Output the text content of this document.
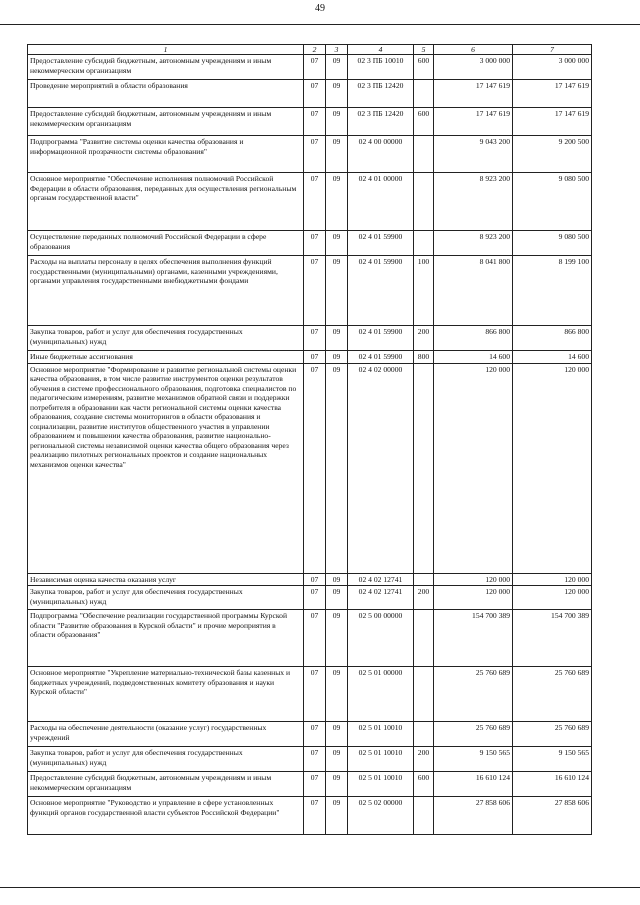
49
1	2	3	4	5	6	7
Предоставление субсидий бюджетным, автономным учреждениям и иным некоммерческим организациям	07	09	02 3 ПБ 10010	600	3 000 000	3 000 000
Проведение мероприятий в области образования	07	09	02 3 ПБ 12420		17 147 619	17 147 619
Предоставление субсидий бюджетным, автономным учреждениям и иным некоммерческим организациям	07	09	02 3 ПБ 12420	600	17 147 619	17 147 619
Подпрограмма "Развитие системы оценки качества образования и информационной прозрачности системы образования"	07	09	02 4 00 00000		9 043 200	9 200 500
Основное мероприятие "Обеспечение исполнения полномочий Российской Федерации в области образования, переданных для осуществления региональным органам государственной власти"	07	09	02 4 01 00000		8 923 200	9 080 500
Осуществление переданных полномочий Российской Федерации в сфере образования	07	09	02 4 01 59900		8 923 200	9 080 500
Расходы на выплаты персоналу в целях обеспечения выполнения функций государственными (муниципальными) органами, казенными учреждениями, органами управления государственными внебюджетными фондами	07	09	02 4 01 59900	100	8 041 800	8 199 100
Закупка товаров, работ и услуг для обеспечения государственных (муниципальных) нужд	07	09	02 4 01 59900	200	866 800	866 800
Иные бюджетные ассигнования	07	09	02 4 01 59900	800	14 600	14 600
Основное мероприятие "Формирование и развитие региональной системы оценки качества образования, в том числе развитие инструментов оценки результатов обучения в системе профессионального образования, подготовка специалистов по педагогическим измерениям, развитие механизмов обратной связи и поддержки потребителя в образовании как части региональной системы оценки качества образования, создание системы мониторингов в области образования и социализации, развитие институтов общественного участия в управлении образованием и повышении качества образования, развитие национально- региональной системы независимой оценки качества общего образования через реализацию пилотных региональных проектов и создание национальных механизмов оценки качества"	07	09	02 4 02 00000		120 000	120 000
Независимая оценка качества оказания услуг	07	09	02 4 02 12741		120 000	120 000
Закупка товаров, работ и услуг для обеспечения государственных (муниципальных) нужд	07	09	02 4 02 12741	200	120 000	120 000
Подпрограмма "Обеспечение реализации государственной программы Курской области "Развитие образования в Курской области" и прочие мероприятия в области образования"	07	09	02 5 00 00000		154 700 389	154 700 389
Основное мероприятие "Укрепление материально-технической базы казенных и бюджетных учреждений, подведомственных комитету образования и науки Курской области"	07	09	02 5 01 00000		25 760 689	25 760 689
Расходы на обеспечение деятельности (оказание услуг) государственных учреждений	07	09	02 5 01 10010		25 760 689	25 760 689
Закупка товаров, работ и услуг для обеспечения государственных (муниципальных) нужд	07	09	02 5 01 10010	200	9 150 565	9 150 565
Предоставление субсидий бюджетным, автономным учреждениям и иным некоммерческим организациям	07	09	02 5 01 10010	600	16 610 124	16 610 124
Основное мероприятие "Руководство и управление в сфере установленных функций органов государственной власти субъектов Российской Федерации"	07	09	02 5 02 00000		27 858 606	27 858 606
